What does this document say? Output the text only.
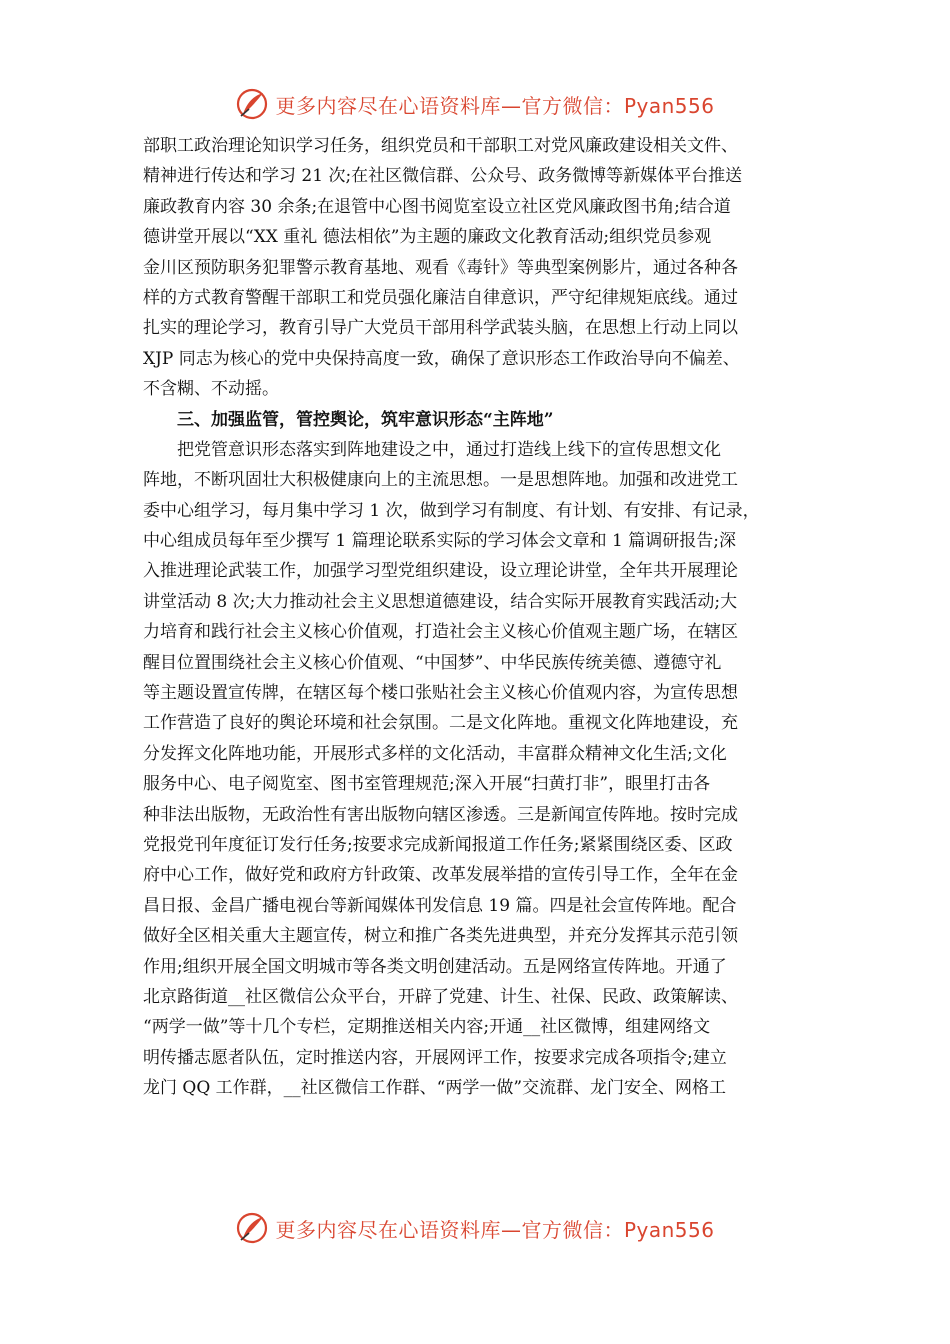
更多内容尽在心语资料库—官方微信：Pyan556
部职工政治理论知识学习任务，组织党员和干部职工对党风廉政建设相关文件、
精神进行传达和学习 21 次;在社区微信群、公众号、政务微博等新媒体平台推送
廉政教育内容 30 余条;在退管中心图书阅览室设立社区党风廉政图书角;结合道
德讲堂开展以“XX 重礼 德法相依”为主题的廉政文化教育活动;组织党员参观
金川区预防职务犯罪警示教育基地、观看《毒针》等典型案例影片，通过各种各
样的方式教育警醒干部职工和党员强化廉洁自律意识，严守纪律规矩底线。通过
扎实的理论学习，教育引导广大党员干部用科学武装头脑，在思想上行动上同以
XJP 同志为核心的党中央保持高度一致，确保了意识形态工作政治导向不偏差、
不含糊、不动摇。
　　三、加强监管，管控舆论，筑牢意识形态“主阵地”
　　把党管意识形态落实到阵地建设之中，通过打造线上线下的宣传思想文化
阵地，不断巩固壮大积极健康向上的主流思想。一是思想阵地。加强和改进党工
委中心组学习，每月集中学习 1 次，做到学习有制度、有计划、有安排、有记录，
中心组成员每年至少撰写 1 篇理论联系实际的学习体会文章和 1 篇调研报告;深
入推进理论武装工作，加强学习型党组织建设，设立理论讲堂，全年共开展理论
讲堂活动 8 次;大力推动社会主义思想道德建设，结合实际开展教育实践活动;大
力培育和践行社会主义核心价值观，打造社会主义核心价值观主题广场，在辖区
醒目位置围绕社会主义核心价值观、“中国梦”、中华民族传统美德、遵德守礼
等主题设置宣传牌，在辖区每个楼口张贴社会主义核心价值观内容，为宣传思想
工作营造了良好的舆论环境和社会氛围。二是文化阵地。重视文化阵地建设，充
分发挥文化阵地功能，开展形式多样的文化活动，丰富群众精神文化生活;文化
服务中心、电子阅览室、图书室管理规范;深入开展“扫黄打非”，眼里打击各
种非法出版物，无政治性有害出版物向辖区渗透。三是新闻宣传阵地。按时完成
党报党刊年度征订发行任务;按要求完成新闻报道工作任务;紧紧围绕区委、区政
府中心工作，做好党和政府方针政策、改革发展举措的宣传引导工作，全年在金
昌日报、金昌广播电视台等新闻媒体刊发信息 19 篇。四是社会宣传阵地。配合
做好全区相关重大主题宣传，树立和推广各类先进典型，并充分发挥其示范引领
作用;组织开展全国文明城市等各类文明创建活动。五是网络宣传阵地。开通了
北京路街道__社区微信公众平台，开辟了党建、计生、社保、民政、政策解读、
“两学一做”等十几个专栏，定期推送相关内容;开通__社区微博，组建网络文
明传播志愿者队伍，定时推送内容，开展网评工作，按要求完成各项指令;建立
龙门 QQ 工作群，__社区微信工作群、“两学一做”交流群、龙门安全、网格工
更多内容尽在心语资料库—官方微信：Pyan556
